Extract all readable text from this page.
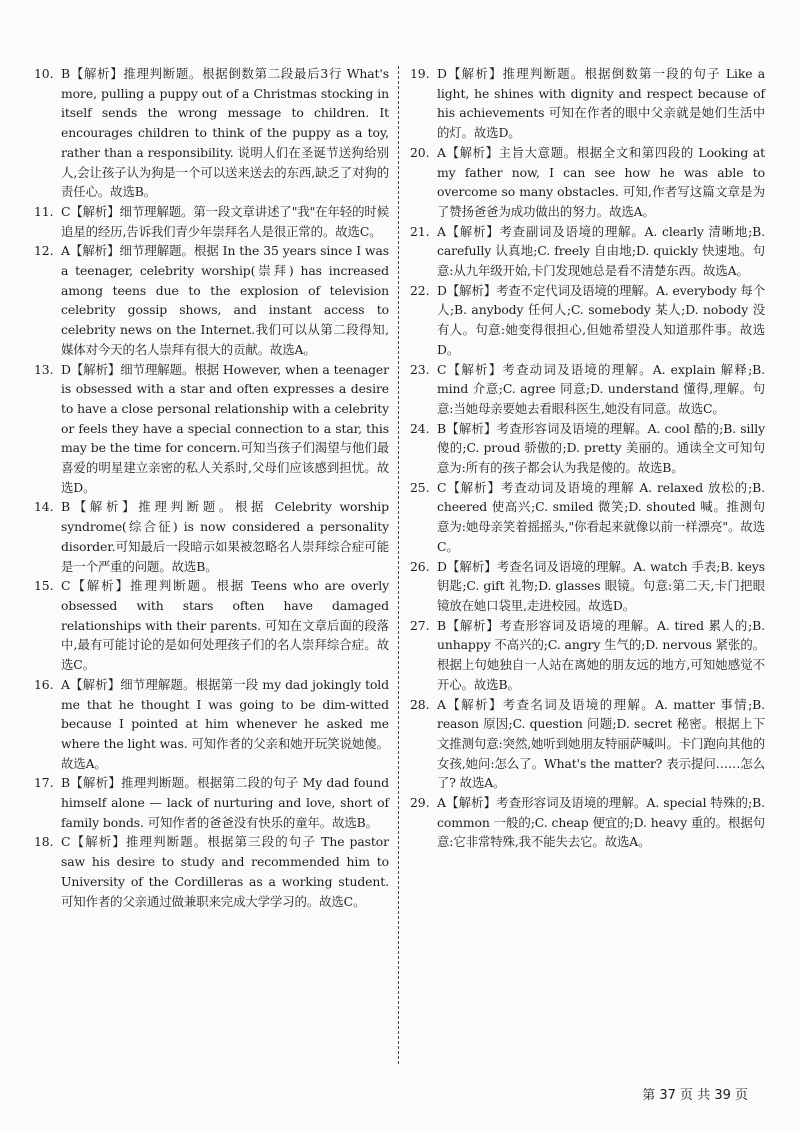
10. B【解析】推理判断题。根据倒数第二段最后3行 What's more, pulling a puppy out of a Christmas stocking in itself sends the wrong message to children. It encourages children to think of the puppy as a toy, rather than a responsibility. 说明人们在圣诞节送狗给别人,会让孩子认为狗是一个可以送来送去的东西,缺乏了对狗的责任心。故选B。
11. C【解析】细节理解题。第一段文章讲述了"我"在年轻的时候追星的经历,告诉我们青少年崇拜名人是很正常的。故选C。
12. A【解析】细节理解题。根据 In the 35 years since I was a teenager, celebrity worship(崇拜) has increased among teens due to the explosion of television celebrity gossip shows, and instant access to celebrity news on the Internet.我们可以从第二段得知,媒体对今天的名人崇拜有很大的贡献。故选A。
13. D【解析】细节理解题。根据 However, when a teenager is obsessed with a star and often expresses a desire to have a close personal relationship with a celebrity or feels they have a special connection to a star, this may be the time for concern.可知当孩子们渴望与他们最喜爱的明星建立亲密的私人关系时,父母们应该感到担忧。故选D。
14. B【解析】推理判断题。根据 Celebrity worship syndrome(综合征) is now considered a personality disorder.可知最后一段暗示如果被忽略名人崇拜综合症可能是一个严重的问题。故选B。
15. C【解析】推理判断题。根据 Teens who are overly obsessed with stars often have damaged relationships with their parents. 可知在文章后面的段落中,最有可能讨论的是如何处理孩子们的名人崇拜综合症。故选C。
16. A【解析】细节理解题。根据第一段 my dad jokingly told me that he thought I was going to be dim-witted because I pointed at him whenever he asked me where the light was. 可知作者的父亲和她开玩笑说她傻。故选A。
17. B【解析】推理判断题。根据第二段的句子 My dad found himself alone — lack of nurturing and love, short of family bonds. 可知作者的爸爸没有快乐的童年。故选B。
18. C【解析】推理判断题。根据第三段的句子 The pastor saw his desire to study and recommended him to University of the Cordilleras as a working student. 可知作者的父亲通过做兼职来完成大学学习的。故选C。
19. D【解析】推理判断题。根据倒数第一段的句子 Like a light, he shines with dignity and respect because of his achievements 可知在作者的眼中父亲就是她们生活中的灯。故选D。
20. A【解析】主旨大意题。根据全文和第四段的 Looking at my father now, I can see how he was able to overcome so many obstacles. 可知,作者写这篇文章是为了赞扬爸爸为成功做出的努力。故选A。
21. A【解析】考查副词及语境的理解。A. clearly 清晰地;B. carefully 认真地;C. freely 自由地;D. quickly 快速地。句意:从九年级开始,卡门发现她总是看不清楚东西。故选A。
22. D【解析】考查不定代词及语境的理解。A. everybody 每个人;B. anybody 任何人;C. somebody 某人;D. nobody 没有人。句意:她变得很担心,但她希望没人知道那件事。故选D。
23. C【解析】考查动词及语境的理解。A. explain 解释;B. mind 介意;C. agree 同意;D. understand 懂得,理解。句意:当她母亲要她去看眼科医生,她没有同意。故选C。
24. B【解析】考查形容词及语境的理解。A. cool 酷的;B. silly 傻的;C. proud 骄傲的;D. pretty 美丽的。通读全文可知句意为:所有的孩子都会认为我是傻的。故选B。
25. C【解析】考查动词及语境的理解 A. relaxed 放松的;B. cheered 使高兴;C. smiled 微笑;D. shouted 喊。推测句意为:她母亲笑着摇摇头,"你看起来就像以前一样漂亮"。故选C。
26. D【解析】考查名词及语境的理解。A. watch 手表;B. keys 钥匙;C. gift 礼物;D. glasses 眼镜。句意:第二天,卡门把眼镜放在她口袋里,走进校园。故选D。
27. B【解析】考查形容词及语境的理解。A. tired 累人的;B. unhappy 不高兴的;C. angry 生气的;D. nervous 紧张的。根据上句她独自一人站在离她的朋友远的地方,可知她感觉不开心。故选B。
28. A【解析】考查名词及语境的理解。A. matter 事情;B. reason 原因;C. question 问题;D. secret 秘密。根据上下文推测句意:突然,她听到她朋友特丽萨喊叫。卡门跑向其他的女孩,她问:怎么了。What's the matter? 表示提问……怎么了? 故选A。
29. A【解析】考查形容词及语境的理解。A. special 特殊的;B. common 一般的;C. cheap 便宜的;D. heavy 重的。根据句意:它非常特殊,我不能失去它。故选A。
第 37 页 共 39 页
